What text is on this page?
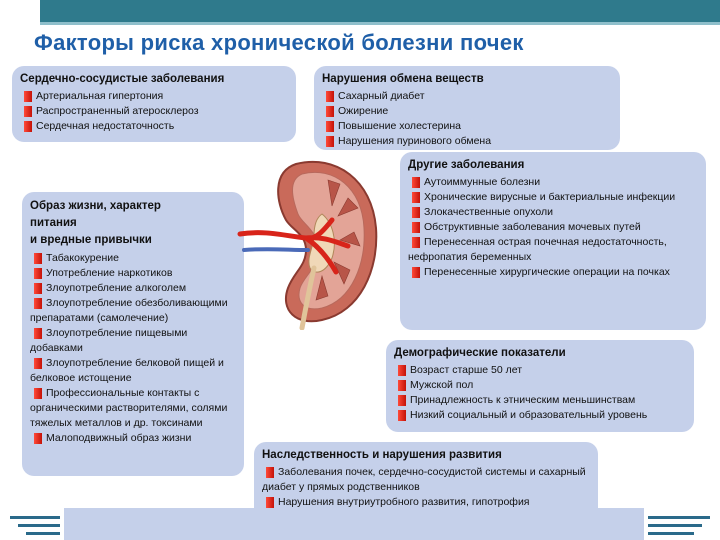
Факторы риска хронической болезни почек
Сердечно-сосудистые заболевания
Артериальная гипертония
Распространенный атеросклероз
Сердечная недостаточность
Нарушения обмена веществ
Сахарный диабет
Ожирение
Повышение холестерина
Нарушения пуринового обмена
Образ жизни, характер
питания
и вредные привычки
Табакокурение
Употребление наркотиков
Злоупотребление алкоголем
Злоупотребление обезболивающими препаратами (самолечение)
Злоупотребление пищевыми добавками
Злоупотребление белковой пищей и белковое истощение
Профессиональные контакты с органическими растворителями, солями тяжелых металлов и др. токсинами
Малоподвижный образ жизни
Другие заболевания
Аутоиммунные болезни
Хронические вирусные и бактериальные инфекции
Злокачественные опухоли
Обструктивные заболевания мочевых путей
Перенесенная острая почечная недостаточность, нефропатия беременных
Перенесенные хирургические операции на почках
Демографические показатели
Возраст старше 50 лет
Мужской пол
Принадлежность к этническим меньшинствам
Низкий социальный и образовательный уровень
Наследственность и нарушения развития
Заболевания почек, сердечно-сосудистой системы и сахарный диабет у прямых родственников
Нарушения внутриутробного развития, гипотрофия
